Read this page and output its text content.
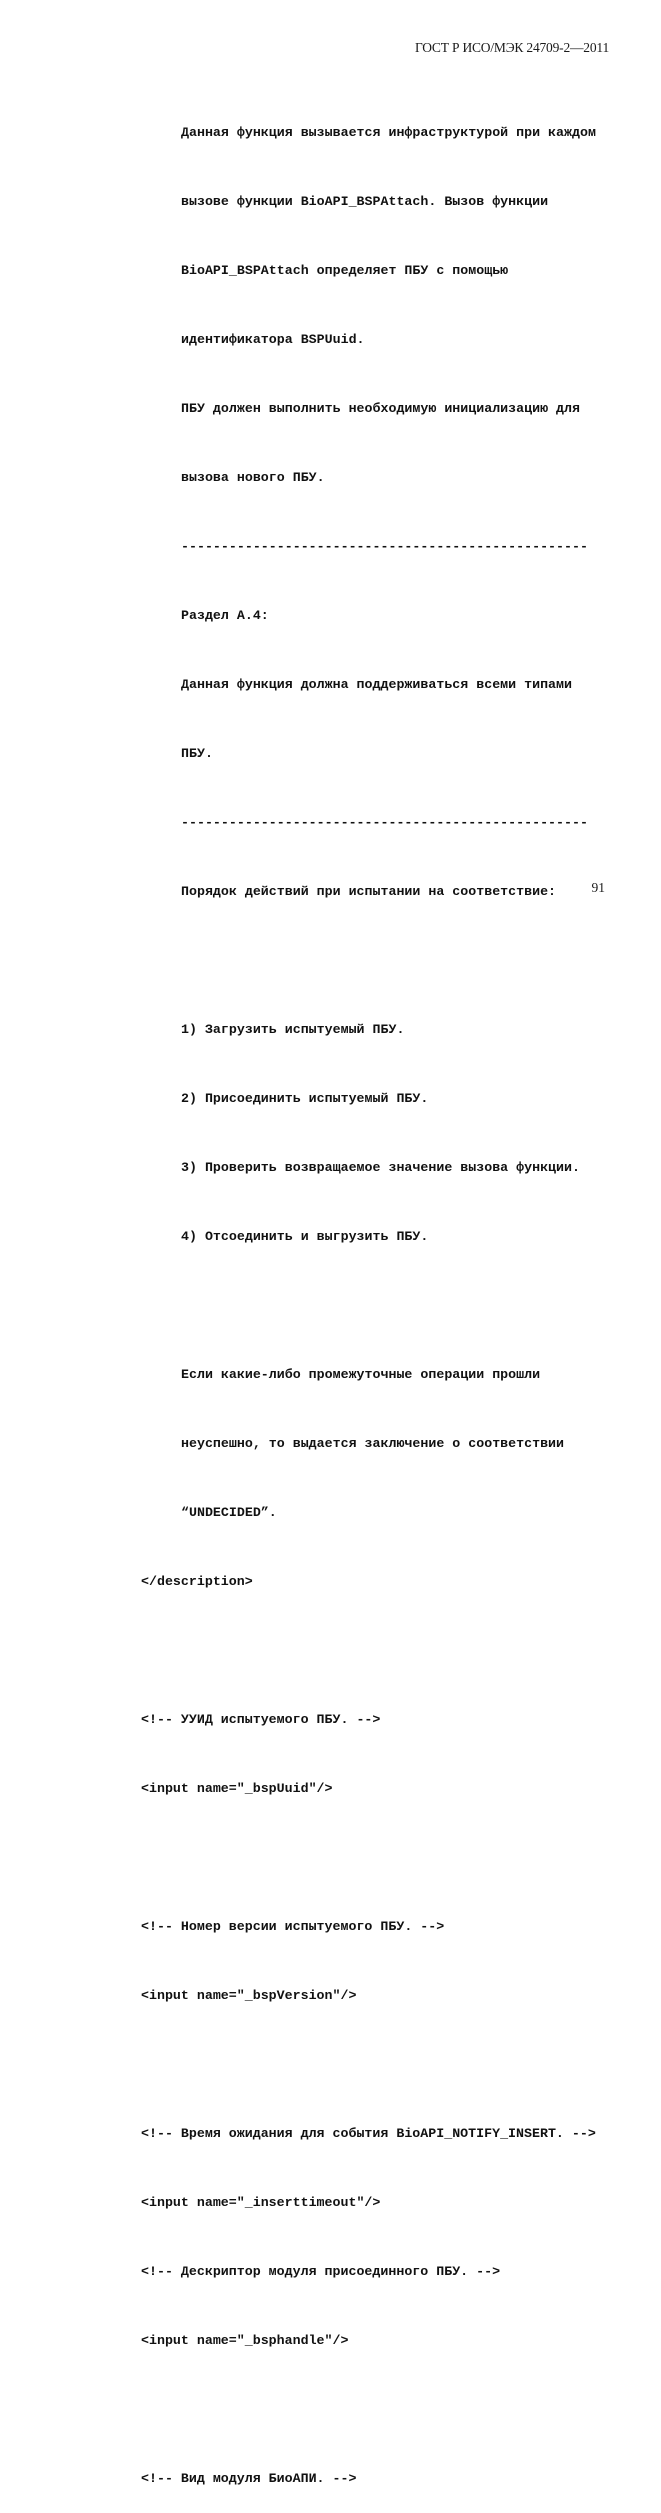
ГОСТ Р ИСО/МЭК 24709-2—2011

Данная функция вызывается инфраструктурой при каждом

вызове функции BioAPI_BSPAttach. Вызов функции

BioAPI_BSPAttach определяет ПБУ с помощью

идентификатора BSPUuid.

ПБУ должен выполнить необходимую инициализацию для

вызова нового ПБУ.

---------------------------------------------------

Раздел А.4:

Данная функция должна поддерживаться всеми типами

ПБУ.

---------------------------------------------------

Порядок действий при испытании на соответствие:

1) Загрузить испытуемый ПБУ.

2) Присоединить испытуемый ПБУ.

3) Проверить возвращаемое значение вызова функции.

4) Отсоединить и выгрузить ПБУ.

Если какие-либо промежуточные операции прошли

неуспешно, то выдается заключение о соответствии

“UNDECIDED”.

</description>

<!-- УУИД испытуемого ПБУ. -->

<input name="_bspUuid"/>

<!-- Номер версии испытуемого ПБУ. -->

<input name="_bspVersion"/>

<!-- Время ожидания для события BioAPI_NOTIFY_INSERT. -->

<input name="_inserttimeout"/>

<!-- Дескриптор модуля присоединного ПБУ. -->

<input name="_bsphandle"/>

<!-- Вид модуля БиоАПИ. -->

91
